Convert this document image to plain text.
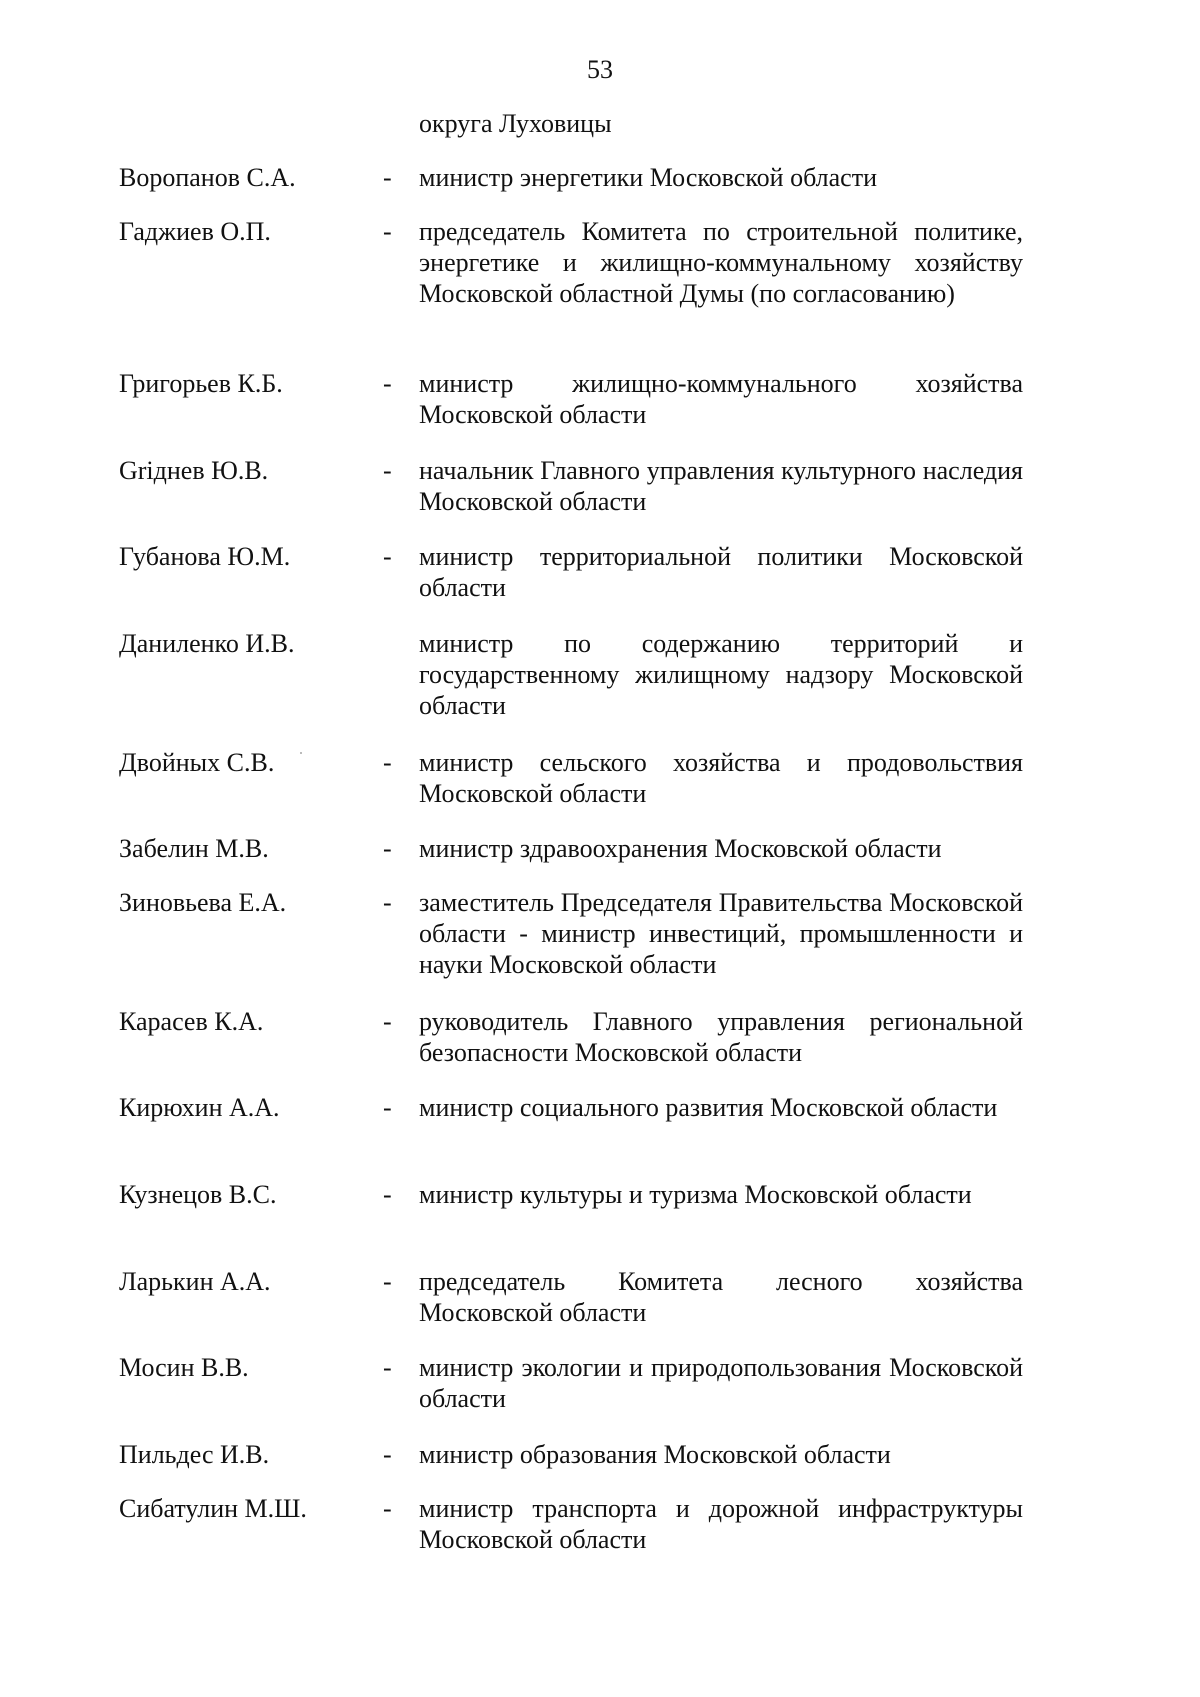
53
округа Луховицы
Воропанов С.А.	- министр энергетики Московской области
Гаджиев О.П.	- председатель Комитета по строительной политике, энергетике и жилищно-коммунальному хозяйству Московской областной Думы (по согласованию)
Григорьев К.Б.	- министр жилищно-коммунального хозяйства Московской области
Griднев Ю.В.	- начальник Главного управления культурного наследия Московской области
Губанова Ю.М.	- министр территориальной политики Московской области
Даниленко И.В.	министр по содержанию территорий и государственному жилищному надзору Московской области
Двойных С.В.	- министр сельского хозяйства и продовольствия Московской области
Забелин М.В.	- министр здравоохранения Московской области
Зиновьева Е.А.	- заместитель Председателя Правительства Московской области - министр инвестиций, промышленности и науки Московской области
Карасев К.А.	- руководитель Главного управления региональной безопасности Московской области
Кирюхин А.А.	- министр социального развития Московской области
Кузнецов В.С.	- министр культуры и туризма Московской области
Ларькин А.А.	- председатель Комитета лесного хозяйства Московской области
Мосин В.В.	- министр экологии и природопользования Московской области
Пильдес И.В.	- министр образования Московской области
Сибатулин М.Ш.	- министр транспорта и дорожной инфраструктуры Московской области
